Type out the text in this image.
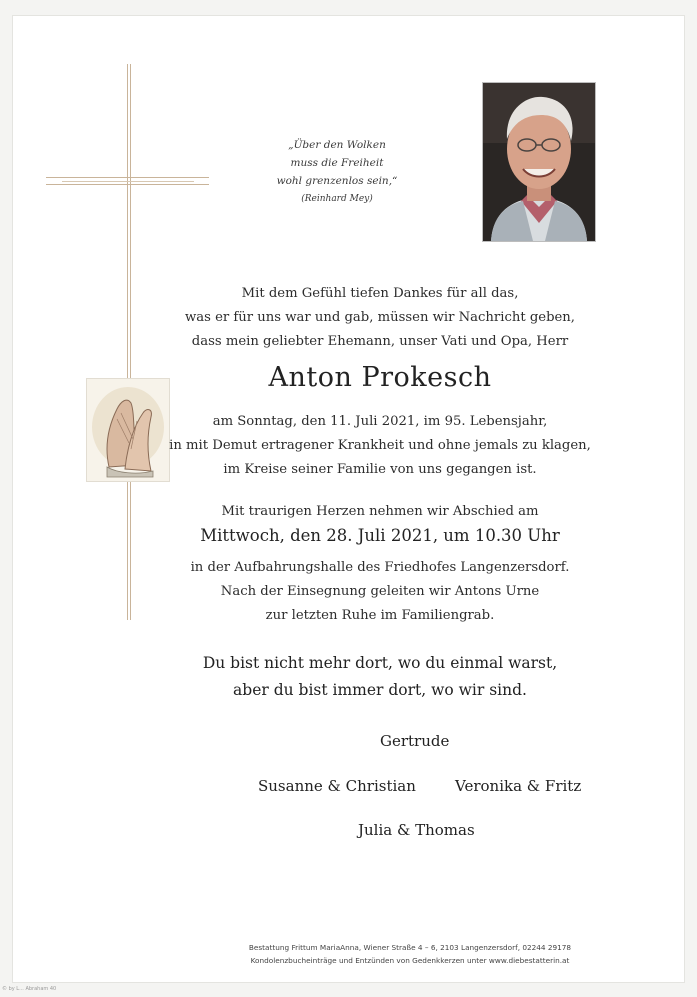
„Über den Wolken
muss die Freiheit
wohl grenzenlos sein,“
(Reinhard Mey)
Mit dem Gefühl tiefen Dankes für all das,
was er für uns war und gab, müssen wir Nachricht geben,
dass mein geliebter Ehemann, unser Vati und Opa, Herr
Anton Prokesch
am Sonntag, den 11. Juli 2021, im 95. Lebensjahr,
in mit Demut ertragener Krankheit und ohne jemals zu klagen,
im Kreise seiner Familie von uns gegangen ist.
Mit traurigen Herzen nehmen wir Abschied am
Mittwoch, den 28. Juli 2021, um 10.30 Uhr
in der Aufbahrungshalle des Friedhofes Langenzersdorf.
Nach der Einsegnung geleiten wir Antons Urne
zur letzten Ruhe im Familiengrab.
Du bist nicht mehr dort, wo du einmal warst,
aber du bist immer dort, wo wir sind.
Gertrude
Susanne & Christian	Veronika & Fritz
Julia & Thomas
Bestattung Frittum MariaAnna, Wiener Straße 4 – 6, 2103 Langenzersdorf, 02244 29178
Kondolenzbucheinträge und Entzünden von Gedenkkerzen unter www.diebestatterin.at
© by L... Abraham 40
